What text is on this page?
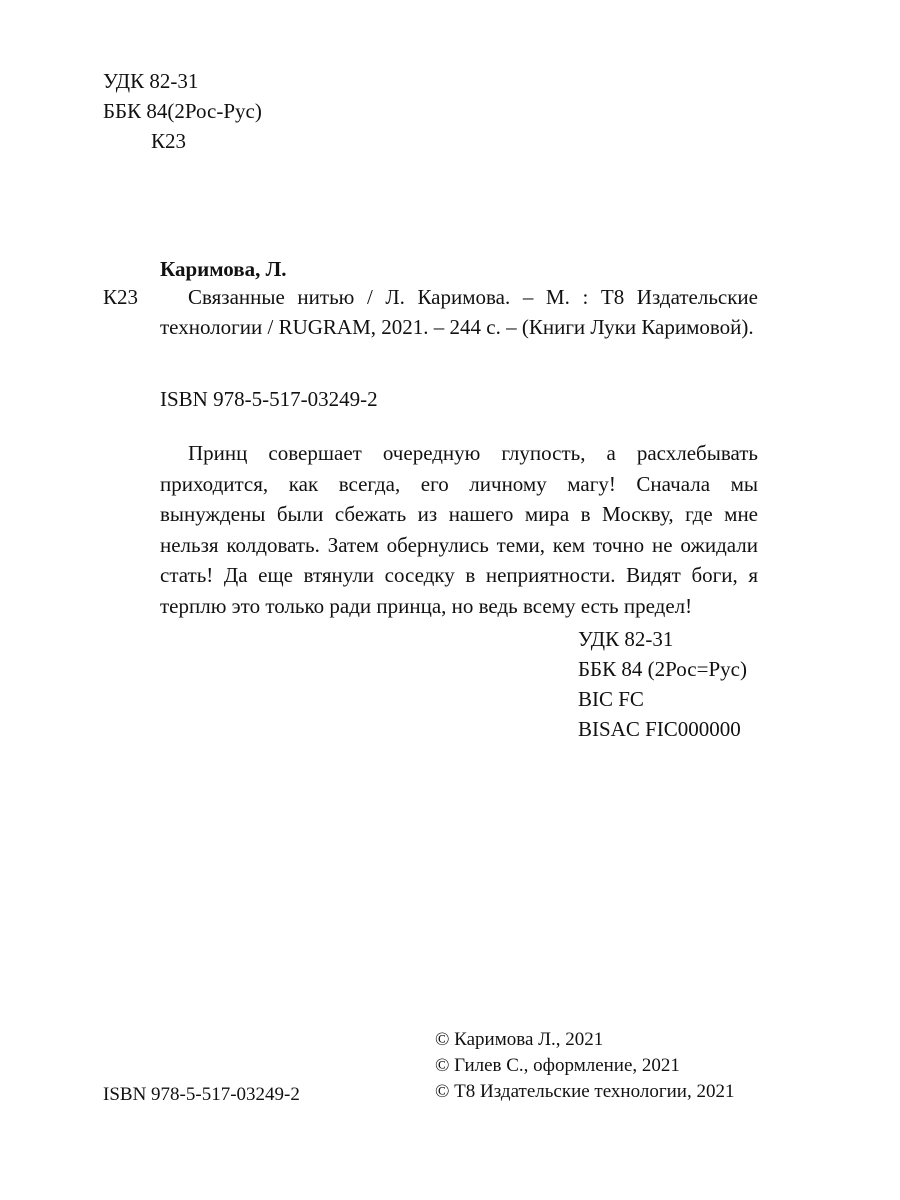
УДК 82-31
ББК 84(2Рос-Рус)
К23
Каримова, Л.
К23	Связанные нитью / Л. Каримова. – М. : Т8 Издательские технологии / RUGRAM, 2021. – 244 с. – (Книги Луки Каримовой).
ISBN 978-5-517-03249-2
Принц совершает очередную глупость, а расхлебывать приходится, как всегда, его личному магу! Сначала мы вынуждены были сбежать из нашего мира в Москву, где мне нельзя колдовать. Затем обернулись теми, кем точно не ожидали стать! Да еще втянули соседку в неприятности. Видят боги, я терплю это только ради принца, но ведь всему есть предел!
УДК 82-31
ББК 84 (2Рос=Рус)
BIC FC
BISAC FIC000000
ISBN 978-5-517-03249-2
© Каримова Л., 2021
© Гилев С., оформление, 2021
© Т8 Издательские технологии, 2021
